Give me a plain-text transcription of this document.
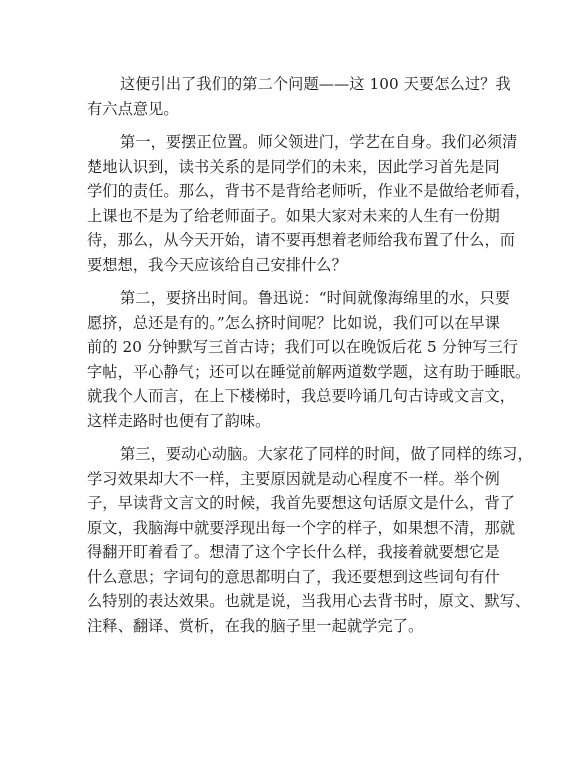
这便引出了我们的第二个问题——这 100 天要怎么过？我
有六点意见。
第一，要摆正位置。师父领进门，学艺在自身。我们必须清
楚地认识到，读书关系的是同学们的未来，因此学习首先是同
学们的责任。那么，背书不是背给老师听，作业不是做给老师看，
上课也不是为了给老师面子。如果大家对未来的人生有一份期
待，那么，从今天开始，请不要再想着老师给我布置了什么，而
要想想，我今天应该给自己安排什么？
第二，要挤出时间。鲁迅说：“时间就像海绵里的水，只要
愿挤，总还是有的。”怎么挤时间呢？比如说，我们可以在早课
前的 20 分钟默写三首古诗；我们可以在晚饭后花 5 分钟写三行
字帖，平心静气；还可以在睡觉前解两道数学题，这有助于睡眠。
就我个人而言，在上下楼梯时，我总要吟诵几句古诗或文言文，
这样走路时也便有了韵味。
第三，要动心动脑。大家花了同样的时间，做了同样的练习，
学习效果却大不一样，主要原因就是动心程度不一样。举个例
子，早读背文言文的时候，我首先要想这句话原文是什么，背了
原文，我脑海中就要浮现出每一个字的样子，如果想不清，那就
得翻开盯着看了。想清了这个字长什么样，我接着就要想它是
什么意思；字词句的意思都明白了，我还要想到这些词句有什
么特别的表达效果。也就是说，当我用心去背书时，原文、默写、
注释、翻译、赏析，在我的脑子里一起就学完了。
